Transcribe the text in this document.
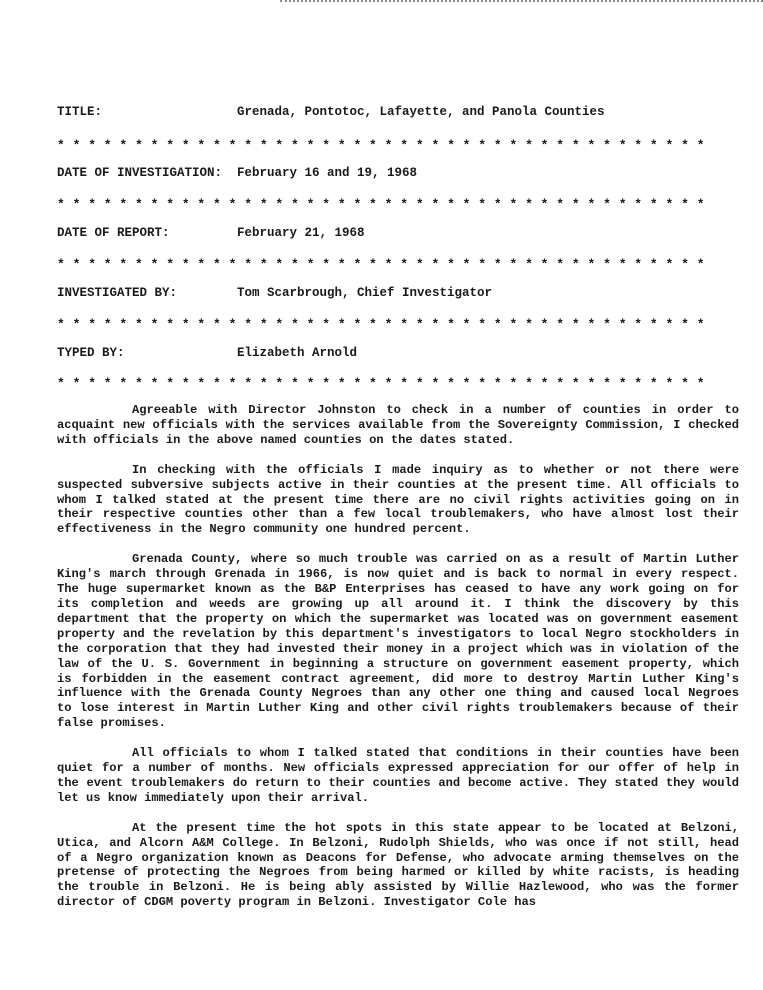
TITLE:	Grenada, Pontotoc, Lafayette, and Panola Counties
* * * * * * * * * * * * * * * * * * * * * * * * * * * * * * * * * * * * * * * * * *
DATE OF INVESTIGATION: February 16 and 19, 1968
* * * * * * * * * * * * * * * * * * * * * * * * * * * * * * * * * * * * * * * * * *
DATE OF REPORT:	February 21, 1968
* * * * * * * * * * * * * * * * * * * * * * * * * * * * * * * * * * * * * * * * * *
INVESTIGATED BY:	Tom Scarbrough, Chief Investigator
* * * * * * * * * * * * * * * * * * * * * * * * * * * * * * * * * * * * * * * * * *
TYPED BY:	Elizabeth Arnold
* * * * * * * * * * * * * * * * * * * * * * * * * * * * * * * * * * * * * * * * * *

Agreeable with Director Johnston to check in a number of counties in order to acquaint new officials with the services available from the Sovereignty Commission, I checked with officials in the above named counties on the dates stated.

In checking with the officials I made inquiry as to whether or not there were suspected subversive subjects active in their counties at the present time. All officials to whom I talked stated at the present time there are no civil rights activities going on in their respective counties other than a few local troublemakers, who have almost lost their effectiveness in the Negro community one hundred percent.

Grenada County, where so much trouble was carried on as a result of Martin Luther King's march through Grenada in 1966, is now quiet and is back to normal in every respect. The huge supermarket known as the B&P Enterprises has ceased to have any work going on for its completion and weeds are growing up all around it. I think the discovery by this department that the property on which the supermarket was located was on government easement property and the revelation by this department's investigators to local Negro stockholders in the corporation that they had invested their money in a project which was in violation of the law of the U. S. Government in beginning a structure on government easement property, which is forbidden in the easement contract agreement, did more to destroy Martin Luther King's influence with the Grenada County Negroes than any other one thing and caused local Negroes to lose interest in Martin Luther King and other civil rights troublemakers because of their false promises.

All officials to whom I talked stated that conditions in their counties have been quiet for a number of months. New officials expressed appreciation for our offer of help in the event troublemakers do return to their counties and become active. They stated they would let us know immediately upon their arrival.

At the present time the hot spots in this state appear to be located at Belzoni, Utica, and Alcorn A&M College. In Belzoni, Rudolph Shields, who was once if not still, head of a Negro organization known as Deacons for Defense, who advocate arming themselves on the pretense of protecting the Negroes from being harmed or killed by white racists, is heading the trouble in Belzoni. He is being ably assisted by Willie Hazlewood, who was the former director of CDGM poverty program in Belzoni. Investigator Cole has
